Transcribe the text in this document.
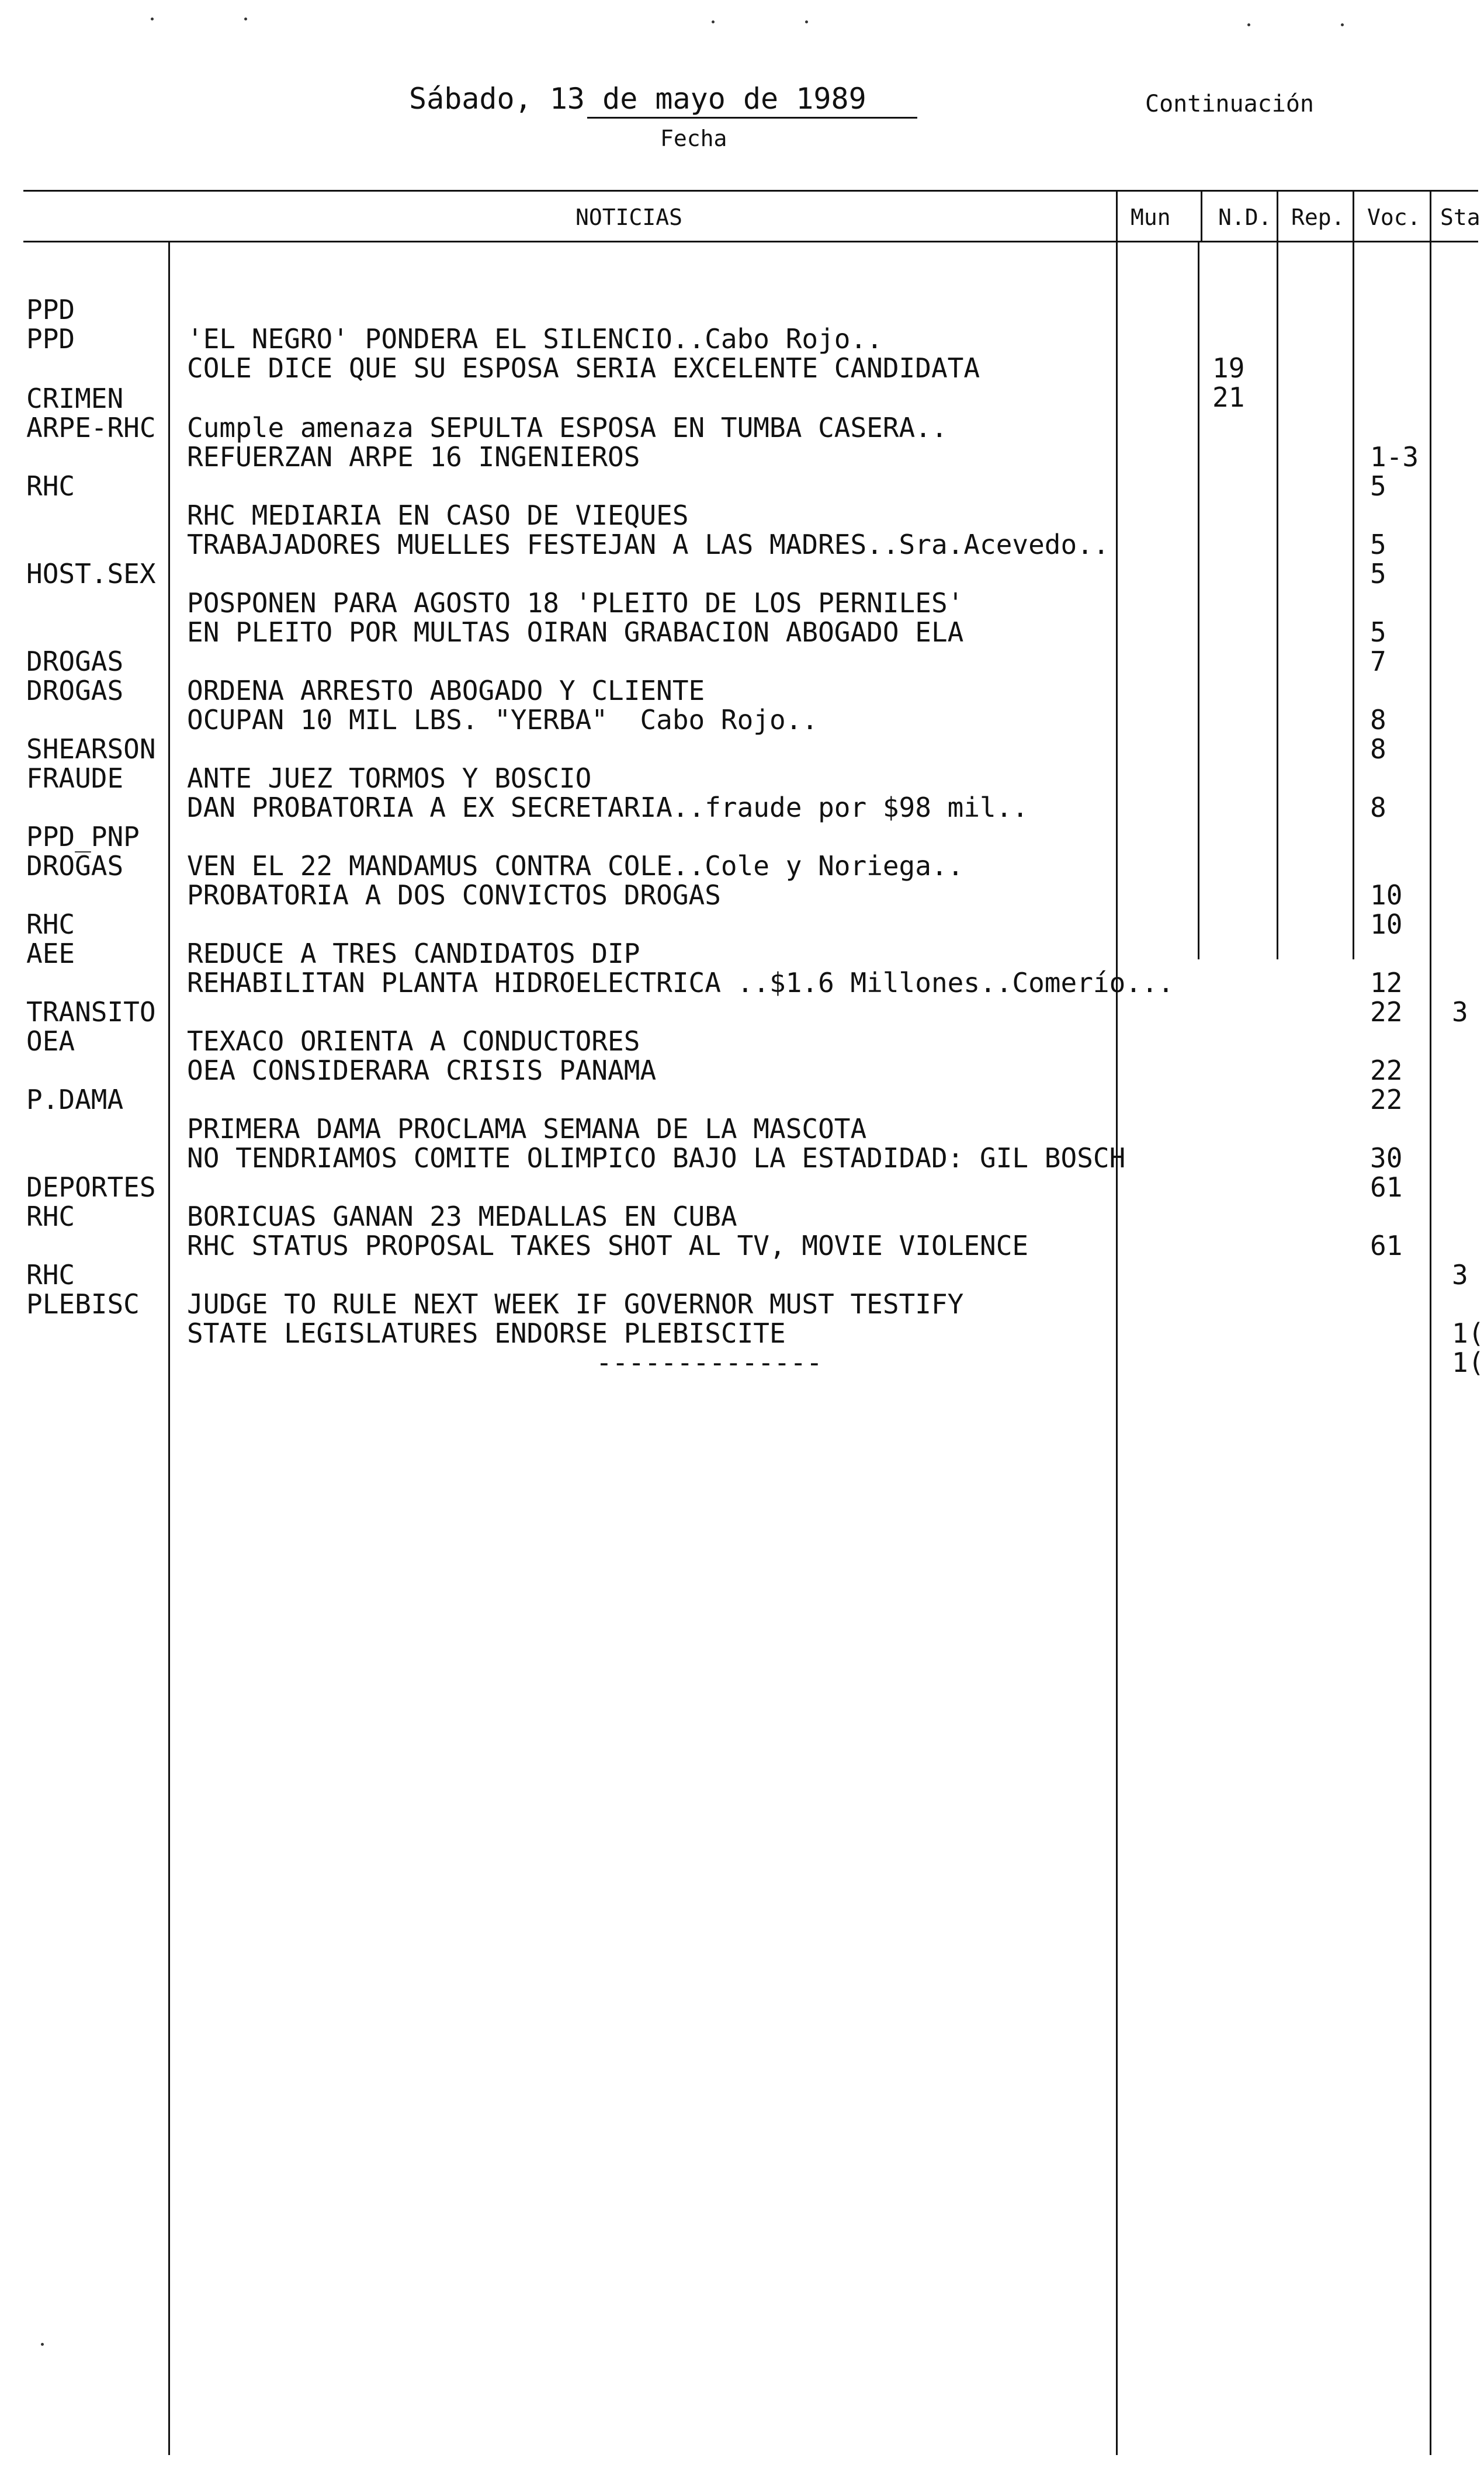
Sábado, 13 de mayo de 1989
Fecha
Continuación
NOTICIAS	Mun N.D. Rep. Voc. Sta

PPD

'EL NEGRO' PONDERA EL SILENCIO..Cabo Rojo..

19

PPD

COLE DICE QUE SU ESPOSA SERIA EXCELENTE CANDIDATA

21

CRIMEN

Cumple amenaza SEPULTA ESPOSA EN TUMBA CASERA..

1-3

ARPE-RHC

REFUERZAN ARPE 16 INGENIEROS

5

RHC

RHC MEDIARIA EN CASO DE VIEQUES

5

TRABAJADORES MUELLES FESTEJAN A LAS MADRES..Sra.Acevedo..

5

HOST.SEX

POSPONEN PARA AGOSTO 18 'PLEITO DE LOS PERNILES'

5

EN PLEITO POR MULTAS OIRAN GRABACION ABOGADO ELA

7

DROGAS

ORDENA ARRESTO ABOGADO Y CLIENTE

8

DROGAS

OCUPAN 10 MIL LBS. "YERBA"  Cabo Rojo..

8

SHEARSON

ANTE JUEZ TORMOS Y BOSCIO

8

FRAUDE

DAN PROBATORIA A EX SECRETARIA..fraude por $98 mil..

PPD_PNP

VEN EL 22 MANDAMUS CONTRA COLE..Cole y Noriega..

10

DROGAS

PROBATORIA A DOS CONVICTOS DROGAS

10

RHC

REDUCE A TRES CANDIDATOS DIP

12

3

AEE

REHABILITAN PLANTA HIDROELECTRICA ..$1.6 Millones..Comerío...

22

TRANSITO

TEXACO ORIENTA A CONDUCTORES

22

OEA

OEA CONSIDERARA CRISIS PANAMA

22

P.DAMA

PRIMERA DAMA PROCLAMA SEMANA DE LA MASCOTA

30

NO TENDRIAMOS COMITE OLIMPICO BAJO LA ESTADIDAD: GIL BOSCH

61

DEPORTES

BORICUAS GANAN 23 MEDALLAS EN CUBA

61

RHC

RHC STATUS PROPOSAL TAKES SHOT AL TV, MOVIE VIOLENCE

3

RHC

JUDGE TO RULE NEXT WEEK IF GOVERNOR MUST TESTIFY

1(

PLEBISC

STATE LEGISLATURES ENDORSE PLEBISCITE

1(

--------------
